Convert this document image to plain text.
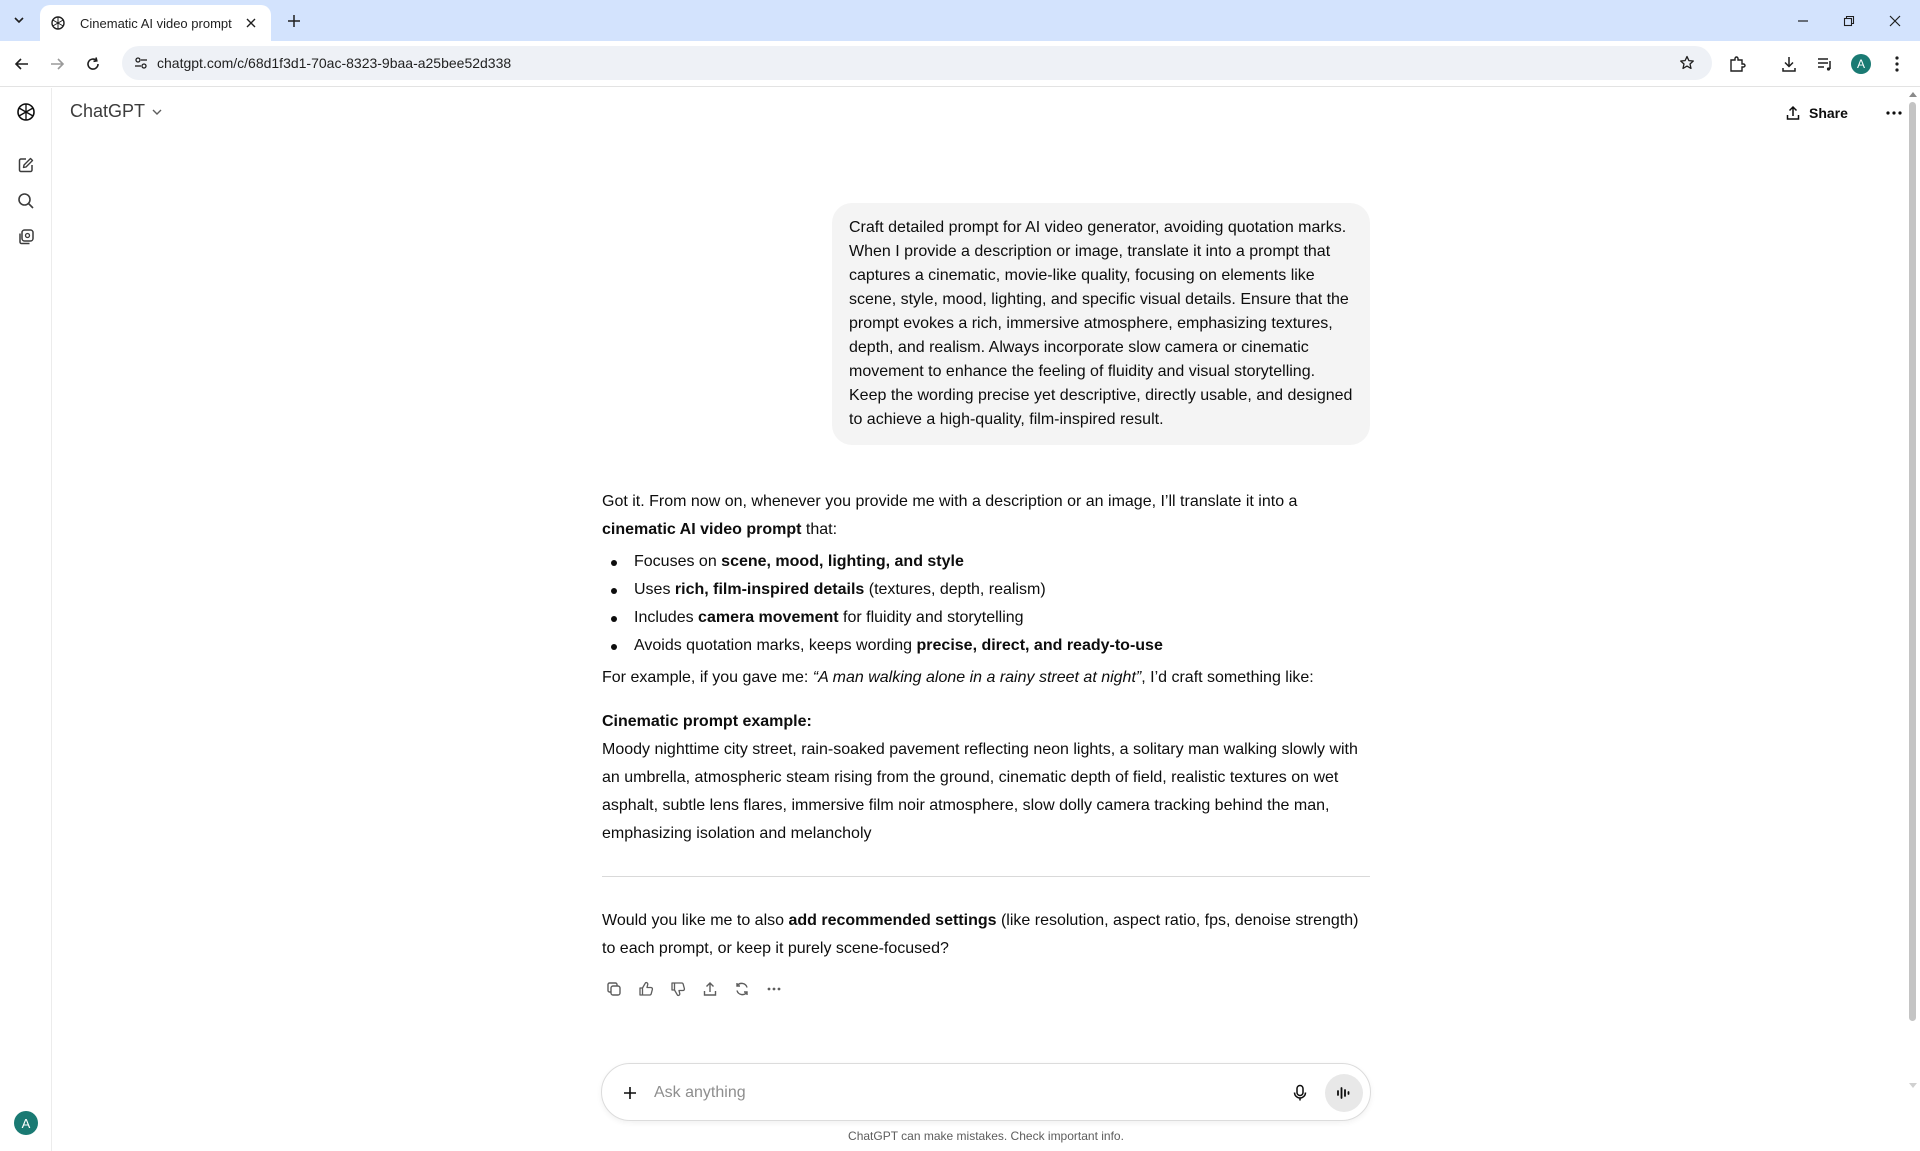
Cinematic AI video prompt
chatgpt.com/c/68d1f3d1-70ac-8323-9baa-a25bee52d338	A
A
ChatGPT	Share
Craft detailed prompt for AI video generator, avoiding quotation marks. When I provide a description or image, translate it into a prompt that captures a cinematic, movie-like quality, focusing on elements like scene, style, mood, lighting, and specific visual details. Ensure that the prompt evokes a rich, immersive atmosphere, emphasizing textures, depth, and realism. Always incorporate slow camera or cinematic movement to enhance the feeling of fluidity and visual storytelling. Keep the wording precise yet descriptive, directly usable, and designed to achieve a high-quality, film-inspired result.

Got it. From now on, whenever you provide me with a description or an image, I’ll translate it into a cinematic AI video prompt that:

Focuses on scene, mood, lighting, and style
Uses rich, film-inspired details (textures, depth, realism)
Includes camera movement for fluidity and storytelling
Avoids quotation marks, keeps wording precise, direct, and ready-to-use

For example, if you gave me: “A man walking alone in a rainy street at night”, I’d craft something like:

Cinematic prompt example:

Moody nighttime city street, rain-soaked pavement reflecting neon lights, a solitary man walking slowly with an umbrella, atmospheric steam rising from the ground, cinematic depth of field, realistic textures on wet asphalt, subtle lens flares, immersive film noir atmosphere, slow dolly camera tracking behind the man, emphasizing isolation and melancholy

Would you like me to also add recommended settings (like resolution, aspect ratio, fps, denoise strength) to each prompt, or keep it purely scene-focused?

Ask anything
ChatGPT can make mistakes. Check important info.
